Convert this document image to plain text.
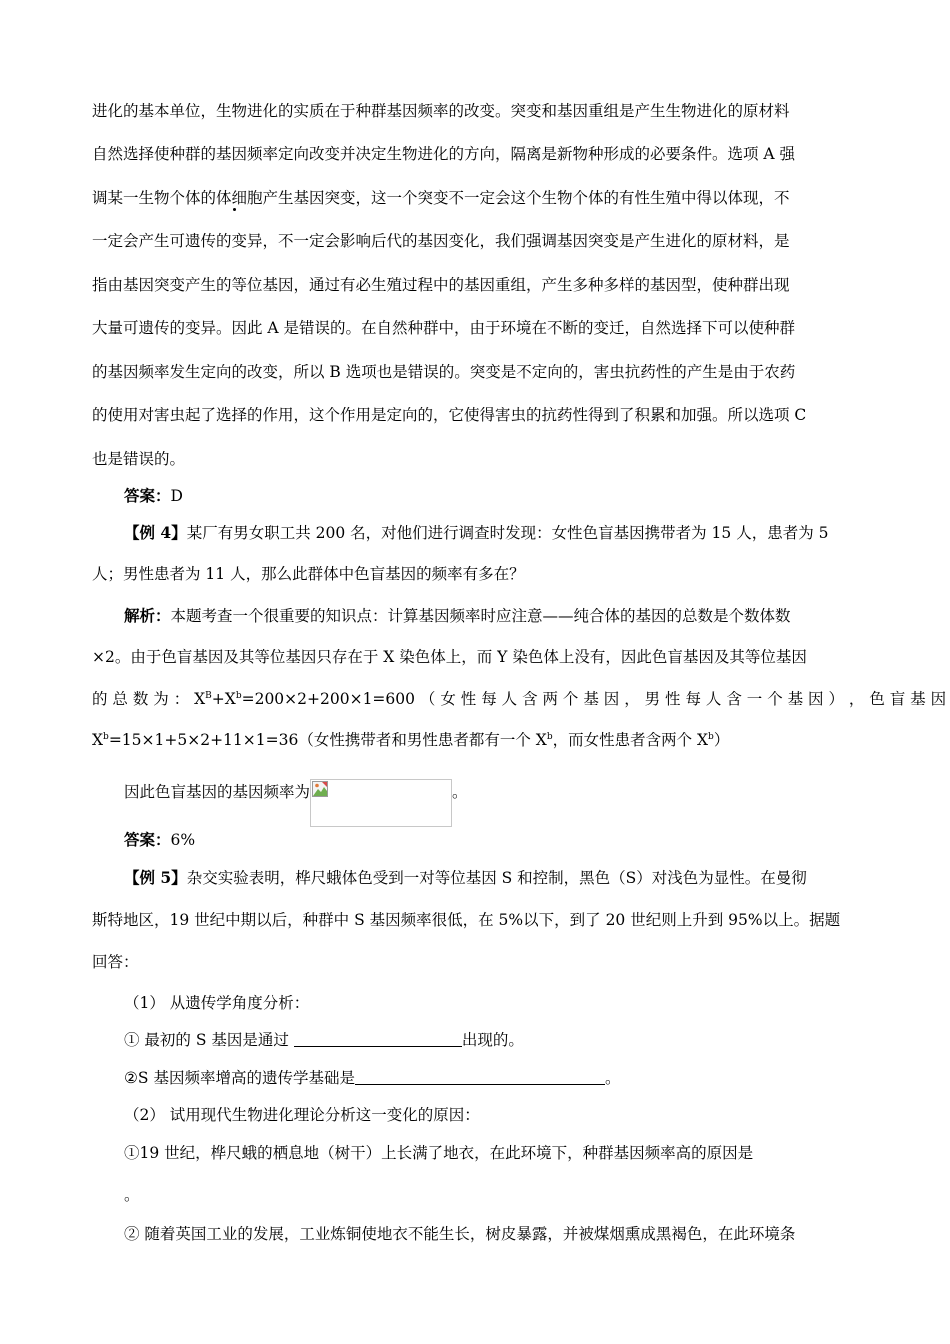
进化的基本单位，生物进化的实质在于种群基因频率的改变。突变和基因重组是产生生物进化的原材料
自然选择使种群的基因频率定向改变并决定生物进化的方向，隔离是新物种形成的必要条件。选项 A 强
调某一生物个体的体细胞产生基因突变，这一个突变不一定会这个生物个体的有性生殖中得以体现，不
一定会产生可遗传的变异，不一定会影响后代的基因变化，我们强调基因突变是产生进化的原材料，是
指由基因突变产生的等位基因，通过有必生殖过程中的基因重组，产生多种多样的基因型，使种群出现
大量可遗传的变异。因此 A 是错误的。在自然种群中，由于环境在不断的变迁，自然选择下可以使种群
的基因频率发生定向的改变，所以 B 选项也是错误的。突变是不定向的，害虫抗药性的产生是由于农药
的使用对害虫起了选择的作用，这个作用是定向的，它使得害虫的抗药性得到了积累和加强。所以选项 C
也是错误的。
答案：D
【例 4】某厂有男女职工共 200 名，对他们进行调查时发现：女性色盲基因携带者为 15 人，患者为 5
人；男性患者为 11 人，那么此群体中色盲基因的频率有多在？
解析：本题考查一个很重要的知识点：计算基因频率时应注意——纯合体的基因的总数是个数体数
×2。由于色盲基因及其等位基因只存在于 X 染色体上，而 Y 染色体上没有，因此色盲基因及其等位基因
的 总 数 为 ： $X^B+X^b=200\times 2+200\times 1=600$ （ 女 性 每 人 含 两 个 基 因 ， 男 性 每 人 含 一 个 基 因 ） ， 色 盲 基 因
$X^b=15\times 1+5\times 2+11\times 1=36$（女性携带者和男性患者都有一个 $X^b$，而女性患者含两个 $X^b$）
因此色盲基因的基因频率为	。
答案：6%
【例 5】杂交实验表明，桦尺蛾体色受到一对等位基因 S 和控制，黑色（S）对浅色为显性。在曼彻
斯特地区，19 世纪中期以后，种群中 S 基因频率很低，在 5%以下，到了 20 世纪则上升到 95%以上。据题
回答：
（1） 从遗传学角度分析：
① 最初的 S 基因是通过	出现的。
②S 基因频率增高的遗传学基础是	。
（2） 试用现代生物进化理论分析这一变化的原因：
①19 世纪，桦尺蛾的栖息地（树干）上长满了地衣，在此环境下，种群基因频率高的原因是
。
② 随着英国工业的发展，工业炼铜使地衣不能生长，树皮暴露，并被煤烟熏成黑褐色，在此环境条
